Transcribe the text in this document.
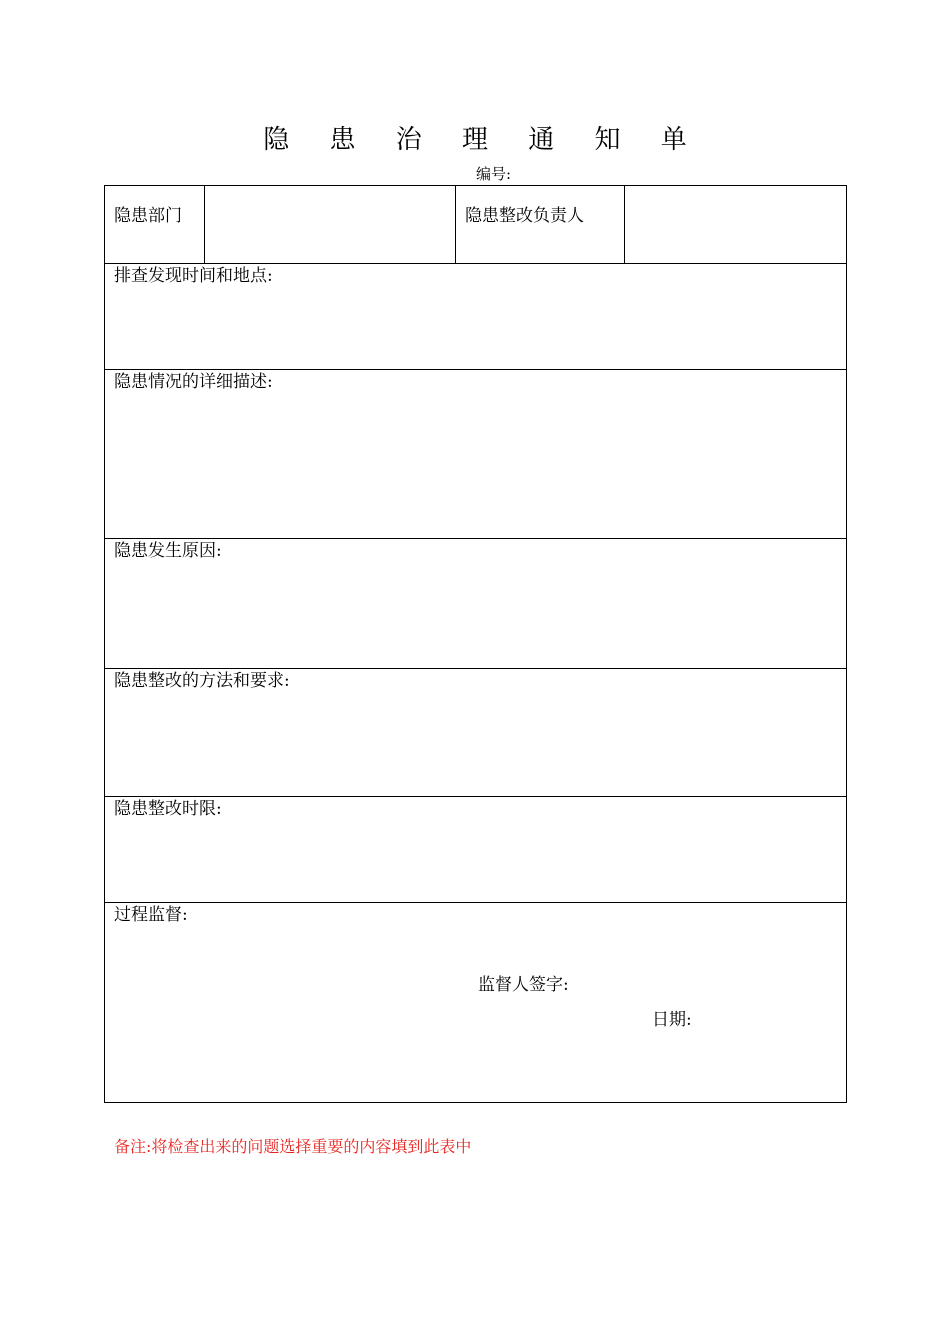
隐 患 治 理 通 知 单
编号:
隐患部门		隐患整改负责人

排查发现时间和地点:

隐患情况的详细描述:

隐患发生原因:

隐患整改的方法和要求:

隐患整改时限:

过程监督:
监督人签字:
日期:
备注:将检查出来的问题选择重要的内容填到此表中
